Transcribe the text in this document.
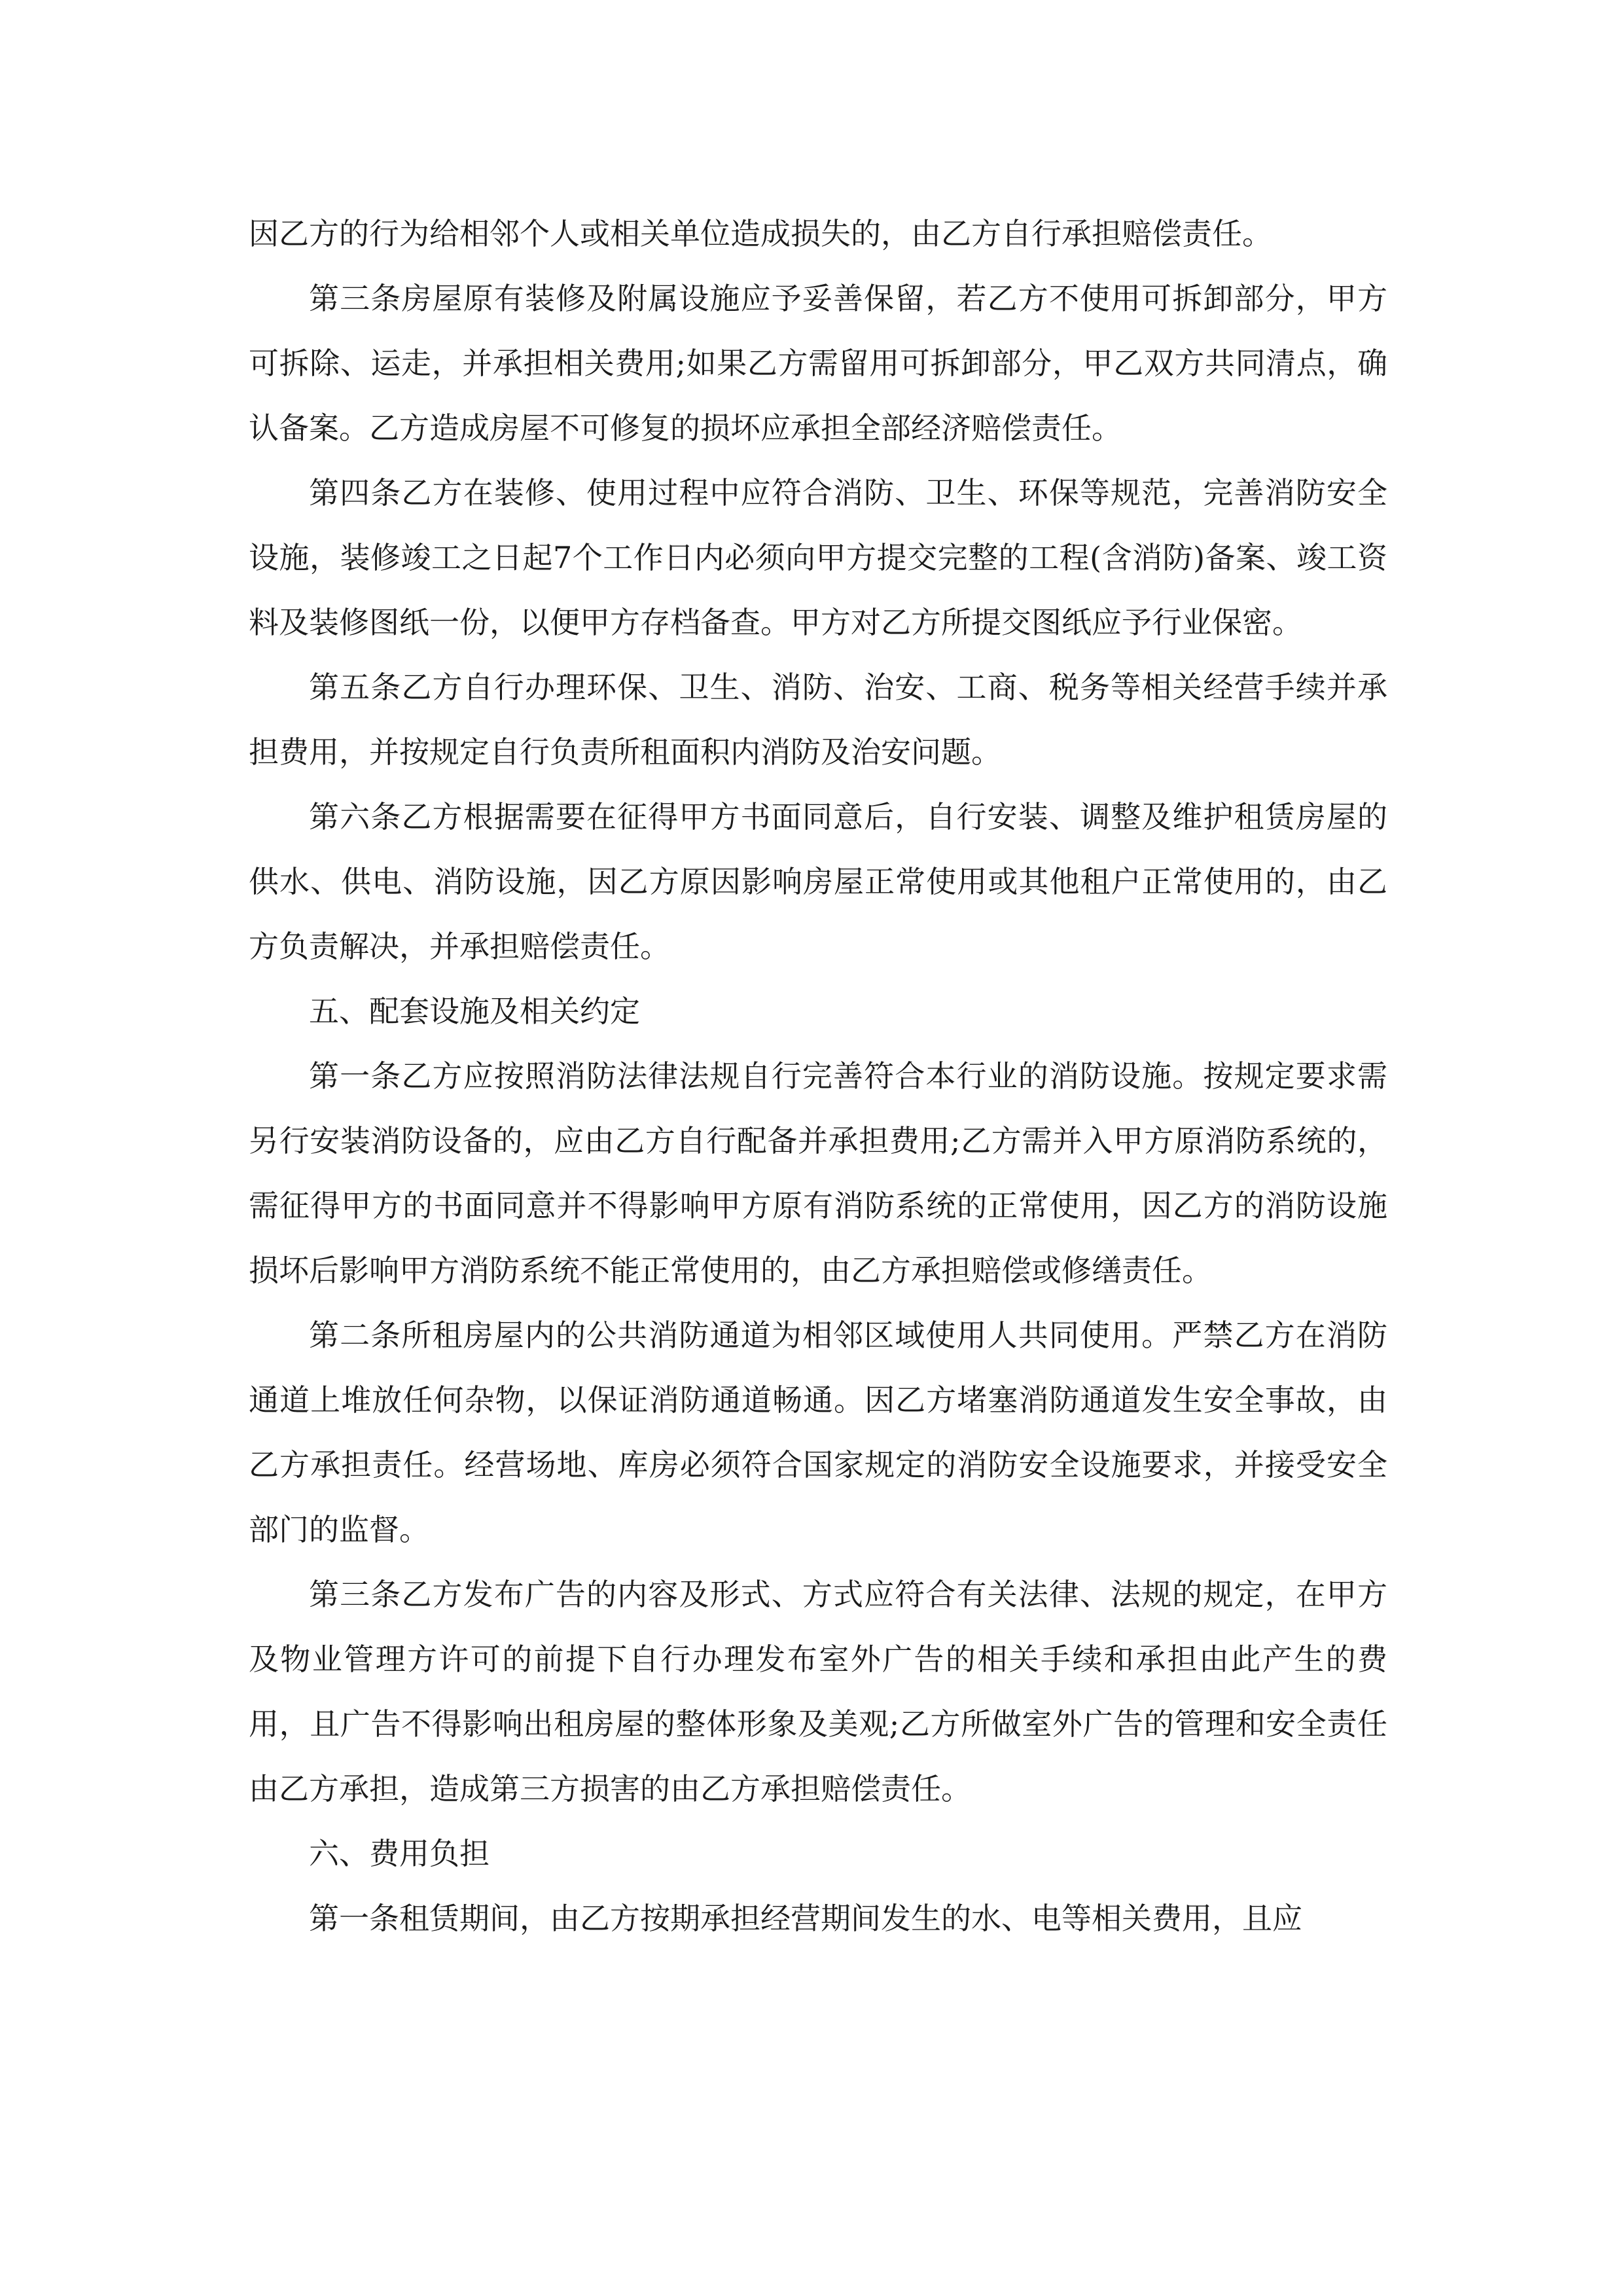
因乙方的行为给相邻个人或相关单位造成损失的，由乙方自行承担赔偿责任。

第三条房屋原有装修及附属设施应予妥善保留，若乙方不使用可拆卸部分，甲方可拆除、运走，并承担相关费用;如果乙方需留用可拆卸部分，甲乙双方共同清点，确认备案。乙方造成房屋不可修复的损坏应承担全部经济赔偿责任。

第四条乙方在装修、使用过程中应符合消防、卫生、环保等规范，完善消防安全设施，装修竣工之日起7个工作日内必须向甲方提交完整的工程(含消防)备案、竣工资料及装修图纸一份，以便甲方存档备查。甲方对乙方所提交图纸应予行业保密。

第五条乙方自行办理环保、卫生、消防、治安、工商、税务等相关经营手续并承担费用，并按规定自行负责所租面积内消防及治安问题。

第六条乙方根据需要在征得甲方书面同意后，自行安装、调整及维护租赁房屋的供水、供电、消防设施，因乙方原因影响房屋正常使用或其他租户正常使用的，由乙方负责解决，并承担赔偿责任。

五、配套设施及相关约定

第一条乙方应按照消防法律法规自行完善符合本行业的消防设施。按规定要求需另行安装消防设备的，应由乙方自行配备并承担费用;乙方需并入甲方原消防系统的，需征得甲方的书面同意并不得影响甲方原有消防系统的正常使用，因乙方的消防设施损坏后影响甲方消防系统不能正常使用的，由乙方承担赔偿或修缮责任。

第二条所租房屋内的公共消防通道为相邻区域使用人共同使用。严禁乙方在消防通道上堆放任何杂物，以保证消防通道畅通。因乙方堵塞消防通道发生安全事故，由乙方承担责任。经营场地、库房必须符合国家规定的消防安全设施要求，并接受安全部门的监督。

第三条乙方发布广告的内容及形式、方式应符合有关法律、法规的规定，在甲方及物业管理方许可的前提下自行办理发布室外广告的相关手续和承担由此产生的费用，且广告不得影响出租房屋的整体形象及美观;乙方所做室外广告的管理和安全责任由乙方承担，造成第三方损害的由乙方承担赔偿责任。

六、费用负担

第一条租赁期间，由乙方按期承担经营期间发生的水、电等相关费用，且应
